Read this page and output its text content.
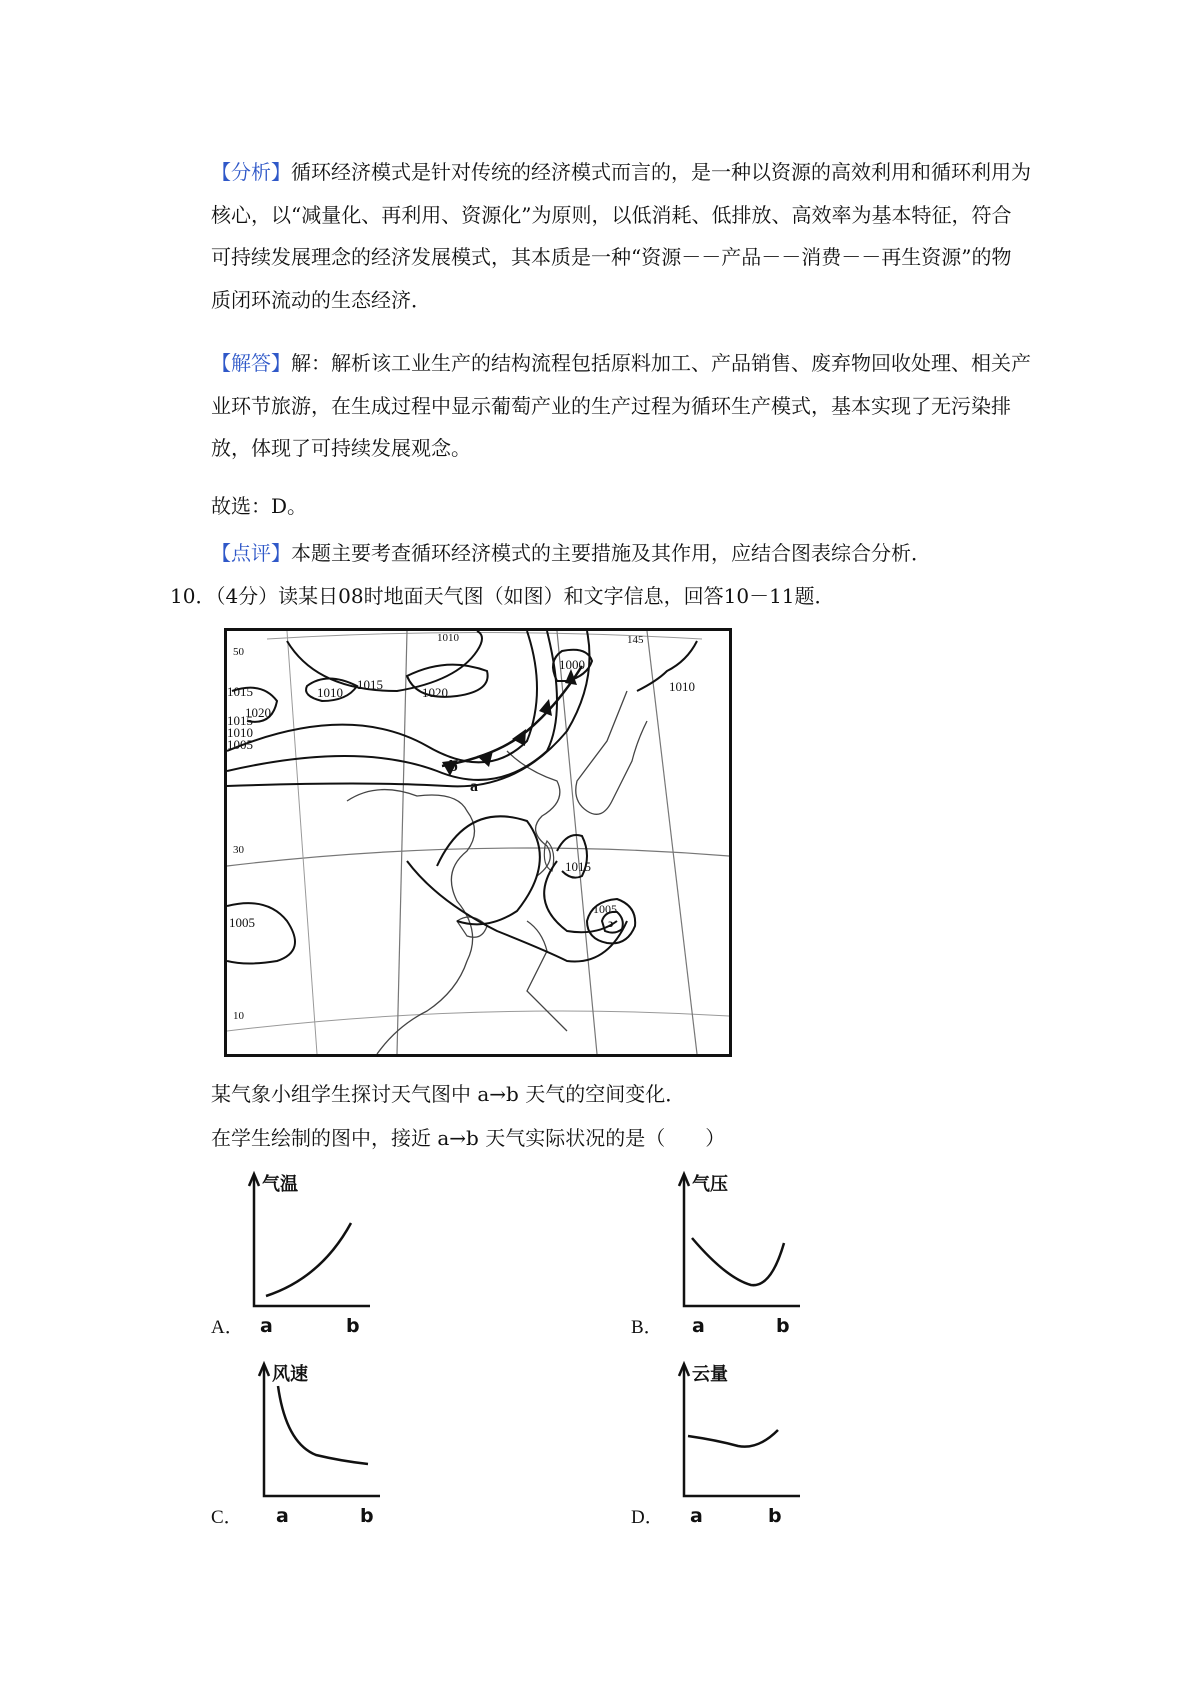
【分析】循环经济模式是针对传统的经济模式而言的，是一种以资源的高效利用和循环利用为核心，以“减量化、再利用、资源化”为原则，以低消耗、低排放、高效率为基本特征，符合可持续发展理念的经济发展模式，其本质是一种“资源－－产品－－消费－－再生资源”的物质闭环流动的生态经济．

【解答】解：解析该工业生产的结构流程包括原料加工、产品销售、废弃物回收处理、相关产业环节旅游，在生成过程中显示葡萄产业的生产过程为循环生产模式，基本实现了无污染排放，体现了可持续发展观念。

故选：D。

【点评】本题主要考查循环经济模式的主要措施及其作用，应结合图表综合分析．

10．（4分）读某日08时地面天气图（如图）和文字信息，回答10－11题．
50
30
10
145
1000
1010
1015
1010	1020
1015
1020
1015
1010
1005
1015
1005
1005
1010
b
a
ↄ
某气象小组学生探讨天气图中 a→b 天气的空间变化．
在学生绘制的图中，接近 a→b 天气实际状况的是（　　）
A．
气温
a	b	B．
气压
a	b
C．
风速
a	b	D．
云量
a	b
